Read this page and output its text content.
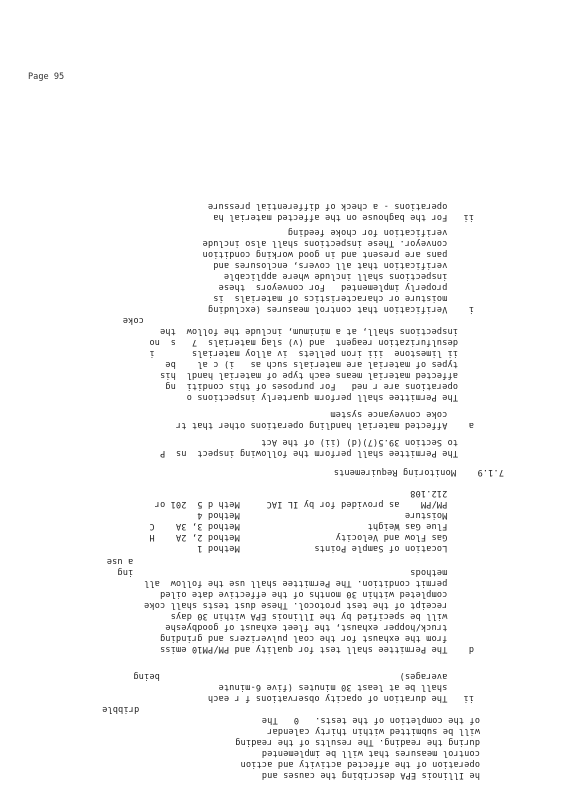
he Illinois EPA describing the causes and
operation of the affected activity and action
control measures that will be implemented
during the reading. The results of the reading
will be submitted within thirty calendar
of the completion of the tests.   0   The
dribble
ii   The duration of opacity observations f r each
shall be at least 30 minutes (five 6-minute
averages)                                             being
d    The Permittee shall test for quality and PM/PM10 emiss
from the exhaust for the coal pulverizers and grinding
truck/hopper exhaust, the fleet exhaust of goodbyeshe
will be specified by the Illinois EPA within 30 days
receipt of the test protocol. These dust tests shall coke
completed within 30 months of the effective date oiled
permit condition. The Permittee shall use the follow  all
methods                                                    ing
a use
Location of Sample Points              Method 1
Gas Flow and Velocity                  Method 2, 2A    H
Flue Gas Weight                        Method 3, 3A    C
Moisture                               Method 4
PM/PM    as provided for by IL IAC     Meth d 5  201 or
212.108
7.1.9    Monitoring Requirements
The Permittee shall perform the following inspect  ns  P
to Section 39.5(7)(d) (ii) of the Act
a    Affected material handling operations other that tr
coke conveyance system
The Permittee shall perform quarterly inspections o
operations are r ned   For purposes of this conditi  ng
affected material means each type of material handl  his
types of material are materials such as   i) c al    be
ii limestone  iii iron pellets  iv alloy materials       i
desulfurization reagent  and (v) slag materials  7   s  no
inspections shall, at a minimum, include the follow  the
coke
i    Verification that control measures (excluding
moisture or characteristics of materials  is
properly implemented   For conveyors  these
inspections shall include where applicable
verification that all covers, enclosures and
pans are present and in good working condition
conveyor. These inspections shall also include
verification for choke feeding
ii   For the baghouse on the affected material ha
operations - a check of differential pressure
Page 95
